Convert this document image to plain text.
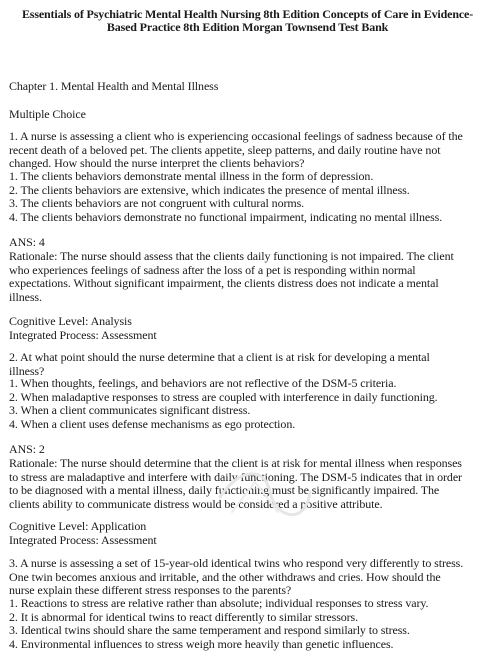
Essentials of Psychiatric Mental Health Nursing 8th Edition Concepts of Care in Evidence-
Based Practice 8th Edition Morgan Townsend Test Bank
Chapter 1. Mental Health and Mental Illness
Multiple Choice
1. A nurse is assessing a client who is experiencing occasional feelings of sadness because of the
recent death of a beloved pet. The clients appetite, sleep patterns, and daily routine have not
changed. How should the nurse interpret the clients behaviors?
1. The clients behaviors demonstrate mental illness in the form of depression.
2. The clients behaviors are extensive, which indicates the presence of mental illness.
3. The clients behaviors are not congruent with cultural norms.
4. The clients behaviors demonstrate no functional impairment, indicating no mental illness.
ANS: 4
Rationale: The nurse should assess that the clients daily functioning is not impaired. The client
who experiences feelings of sadness after the loss of a pet is responding within normal
expectations. Without significant impairment, the clients distress does not indicate a mental
illness.
Cognitive Level: Analysis
Integrated Process: Assessment
2. At what point should the nurse determine that a client is at risk for developing a mental
illness?
1. When thoughts, feelings, and behaviors are not reflective of the DSM-5 criteria.
2. When maladaptive responses to stress are coupled with interference in daily functioning.
3. When a client communicates significant distress.
4. When a client uses defense mechanisms as ego protection.
ANS: 2
Rationale: The nurse should determine that the client is at risk for mental illness when responses
to stress are maladaptive and interfere with daily functioning. The DSM-5 indicates that in order
to be diagnosed with a mental illness, daily functioning must be significantly impaired. The
clients ability to communicate distress would be considered a positive attribute.
Cognitive Level: Application
Integrated Process: Assessment
3. A nurse is assessing a set of 15-year-old identical twins who respond very differently to stress.
One twin becomes anxious and irritable, and the other withdraws and cries. How should the
nurse explain these different stress responses to the parents?
1. Reactions to stress are relative rather than absolute; individual responses to stress vary.
2. It is abnormal for identical twins to react differently to similar stressors.
3. Identical twins should share the same temperament and respond similarly to stress.
4. Environmental influences to stress weigh more heavily than genetic influences.
